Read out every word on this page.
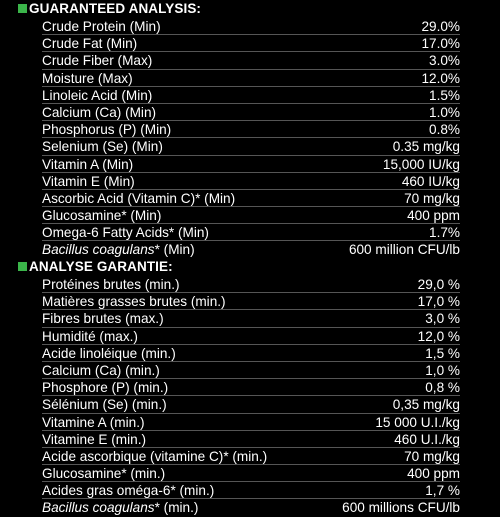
GUARANTEED ANALYSIS:
Crude Protein (Min)	29.0%
Crude Fat (Min)	17.0%
Crude Fiber (Max)	3.0%
Moisture (Max)	12.0%
Linoleic Acid (Min)	1.5%
Calcium (Ca) (Min)	1.0%
Phosphorus (P) (Min)	0.8%
Selenium (Se) (Min)	0.35 mg/kg
Vitamin A (Min)	15,000 IU/kg
Vitamin E (Min)	460 IU/kg
Ascorbic Acid (Vitamin C)* (Min)	70 mg/kg
Glucosamine* (Min)	400 ppm
Omega-6 Fatty Acids* (Min)	1.7%
Bacillus coagulans* (Min)	600 million CFU/lb
ANALYSE GARANTIE:
Protéines brutes (min.)	29,0 %
Matières grasses brutes (min.)	17,0 %
Fibres brutes (max.)	3,0 %
Humidité (max.)	12,0 %
Acide linoléique (min.)	1,5 %
Calcium (Ca) (min.)	1,0 %
Phosphore (P) (min.)	0,8 %
Sélénium (Se) (min.)	0,35 mg/kg
Vitamine A (min.)	15 000 U.I./kg
Vitamine E (min.)	460 U.I./kg
Acide ascorbique (vitamine C)* (min.)	70 mg/kg
Glucosamine* (min.)	400 ppm
Acides gras oméga-6* (min.)	1,7 %
Bacillus coagulans* (min.)	600 millions CFU/lb
